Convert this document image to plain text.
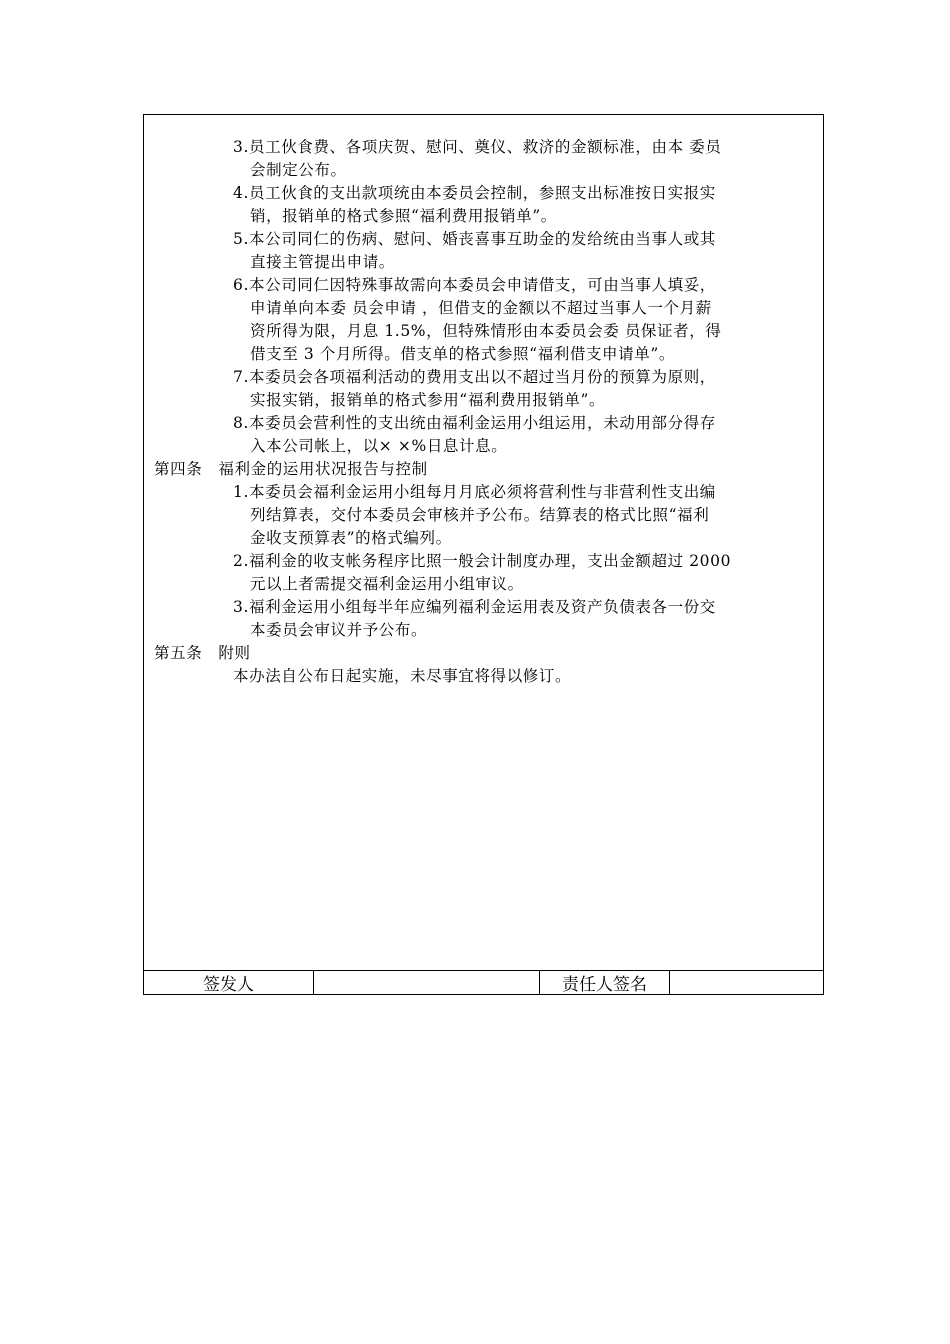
3.员工伙食费、各项庆贺、慰问、奠仪、救济的金额标准，由本 委员
会制定公布。
4.员工伙食的支出款项统由本委员会控制，参照支出标准按日实报实
销，报销单的格式参照“福利费用报销单”。
5.本公司同仁的伤病、慰问、婚丧喜事互助金的发给统由当事人或其
直接主管提出申请。
6.本公司同仁因特殊事故需向本委员会申请借支，可由当事人填妥，
申请单向本委 员会申请 ，但借支的金额以不超过当事人一个月薪
资所得为限，月息 1.5%，但特殊情形由本委员会委 员保证者，得
借支至 3 个月所得。借支单的格式参照“福利借支申请单”。
7.本委员会各项福利活动的费用支出以不超过当月份的预算为原则，
实报实销，报销单的格式参用“福利费用报销单”。
8.本委员会营利性的支出统由福利金运用小组运用，未动用部分得存
入本公司帐上，以× ×%日息计息。
第四条　福利金的运用状况报告与控制
1.本委员会福利金运用小组每月月底必须将营利性与非营利性支出编
列结算表，交付本委员会审核并予公布。结算表的格式比照“福利
金收支预算表”的格式编列。
2.福利金的收支帐务程序比照一般会计制度办理，支出金额超过 2000
元以上者需提交福利金运用小组审议。
3.福利金运用小组每半年应编列福利金运用表及资产负债表各一份交
本委员会审议并予公布。
第五条　附则
本办法自公布日起实施，未尽事宜将得以修订。
签发人	责任人签名
